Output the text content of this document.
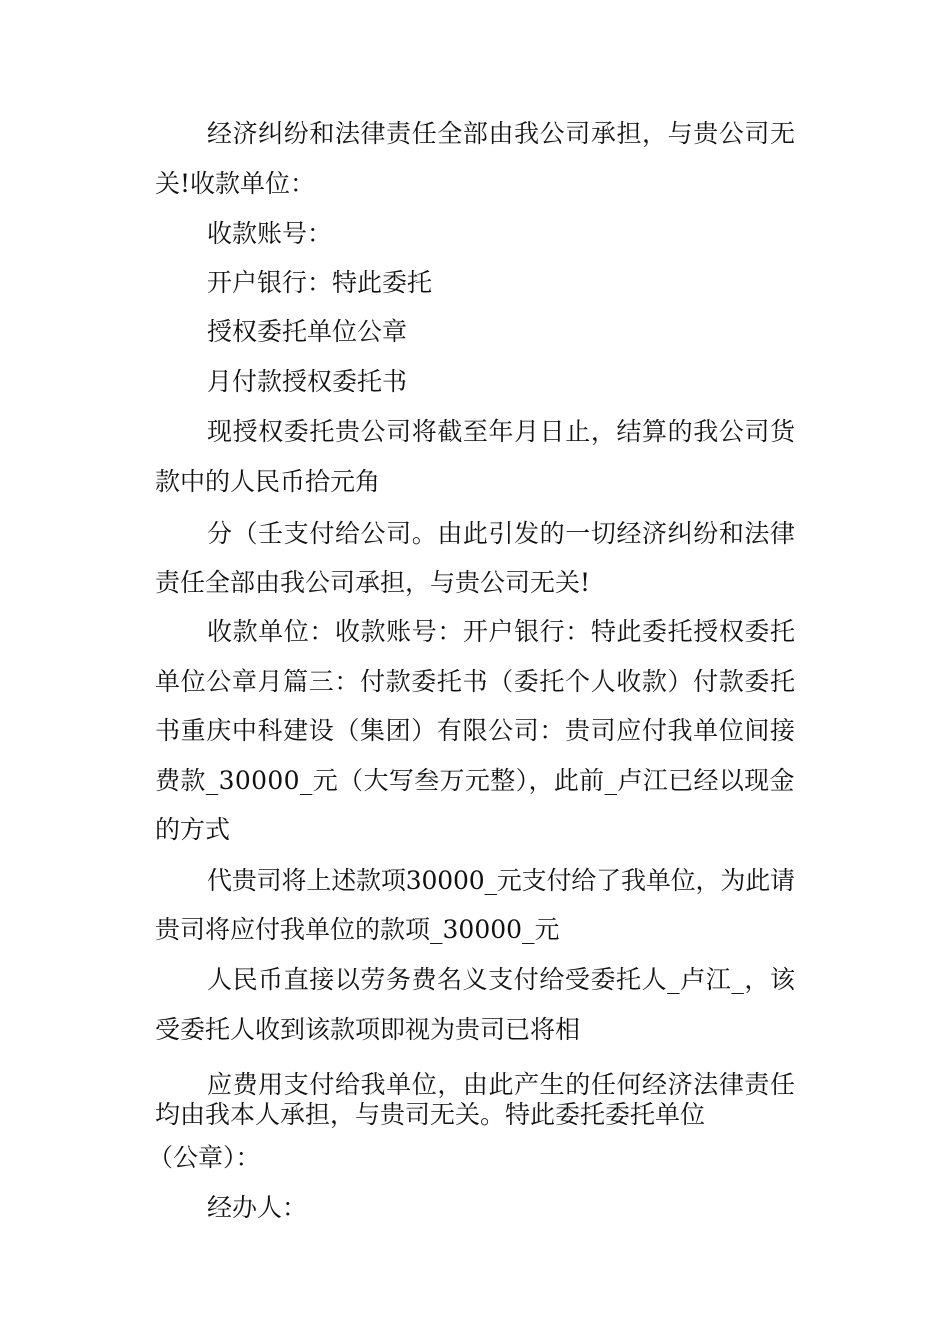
经济纠纷和法律责任全部由我公司承担，与贵公司无
关!收款单位：
收款账号：
开户银行：特此委托
授权委托单位公章
月付款授权委托书
现授权委托贵公司将截至年月日止，结算的我公司货
款中的人民币拾元角
分（壬支付给公司。由此引发的一切经济纠纷和法律
责任全部由我公司承担，与贵公司无关!
收款单位：收款账号：开户银行：特此委托授权委托
单位公章月篇三：付款委托书（委托个人收款）付款委托
书重庆中科建设（集团）有限公司：贵司应付我单位间接
费款_30000_元（大写叁万元整），此前_卢江已经以现金
的方式
代贵司将上述款项30000_元支付给了我单位，为此请
贵司将应付我单位的款项_30000_元
人民币直接以劳务费名义支付给受委托人_卢江_，该
受委托人收到该款项即视为贵司已将相
应费用支付给我单位，由此产生的任何经济法律责任
均由我本人承担，与贵司无关。特此委托委托单位
（公章）：
经办人：
